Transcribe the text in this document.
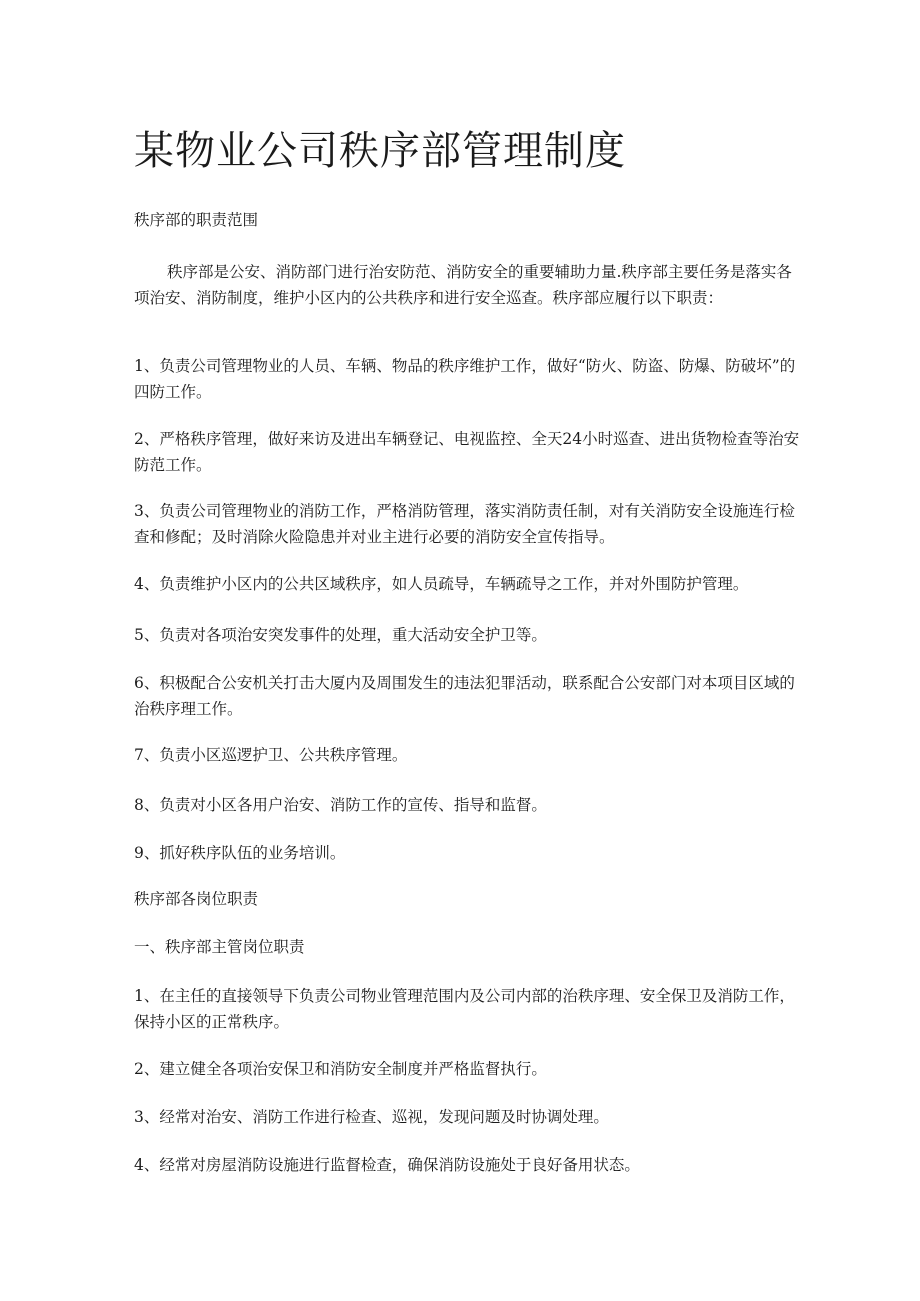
某物业公司秩序部管理制度

秩序部的职责范围

秩序部是公安、消防部门进行治安防范、消防安全的重要辅助力量.秩序部主要任务是落实各项治安、消防制度，维护小区内的公共秩序和进行安全巡查。秩序部应履行以下职责：

1、负责公司管理物业的人员、车辆、物品的秩序维护工作，做好“防火、防盗、防爆、防破坏”的四防工作。

2、严格秩序管理，做好来访及进出车辆登记、电视监控、全天24小时巡查、进出货物检查等治安防范工作。

3、负责公司管理物业的消防工作，严格消防管理，落实消防责任制，对有关消防安全设施连行检查和修配；及时消除火险隐患并对业主进行必要的消防安全宣传指导。

4、负责维护小区内的公共区域秩序，如人员疏导，车辆疏导之工作，并对外围防护管理。

5、负责对各项治安突发事件的处理，重大活动安全护卫等。

6、积极配合公安机关打击大厦内及周围发生的违法犯罪活动，联系配合公安部门对本项目区域的治秩序理工作。

7、负责小区巡逻护卫、公共秩序管理。

8、负责对小区各用户治安、消防工作的宣传、指导和监督。

9、抓好秩序队伍的业务培训。

秩序部各岗位职责

一、秩序部主管岗位职责

1、在主任的直接领导下负责公司物业管理范围内及公司内部的治秩序理、安全保卫及消防工作，保持小区的正常秩序。

2、建立健全各项治安保卫和消防安全制度并严格监督执行。

3、经常对治安、消防工作进行检查、巡视，发现问题及时协调处理。

4、经常对房屋消防设施进行监督检查，确保消防设施处于良好备用状态。
